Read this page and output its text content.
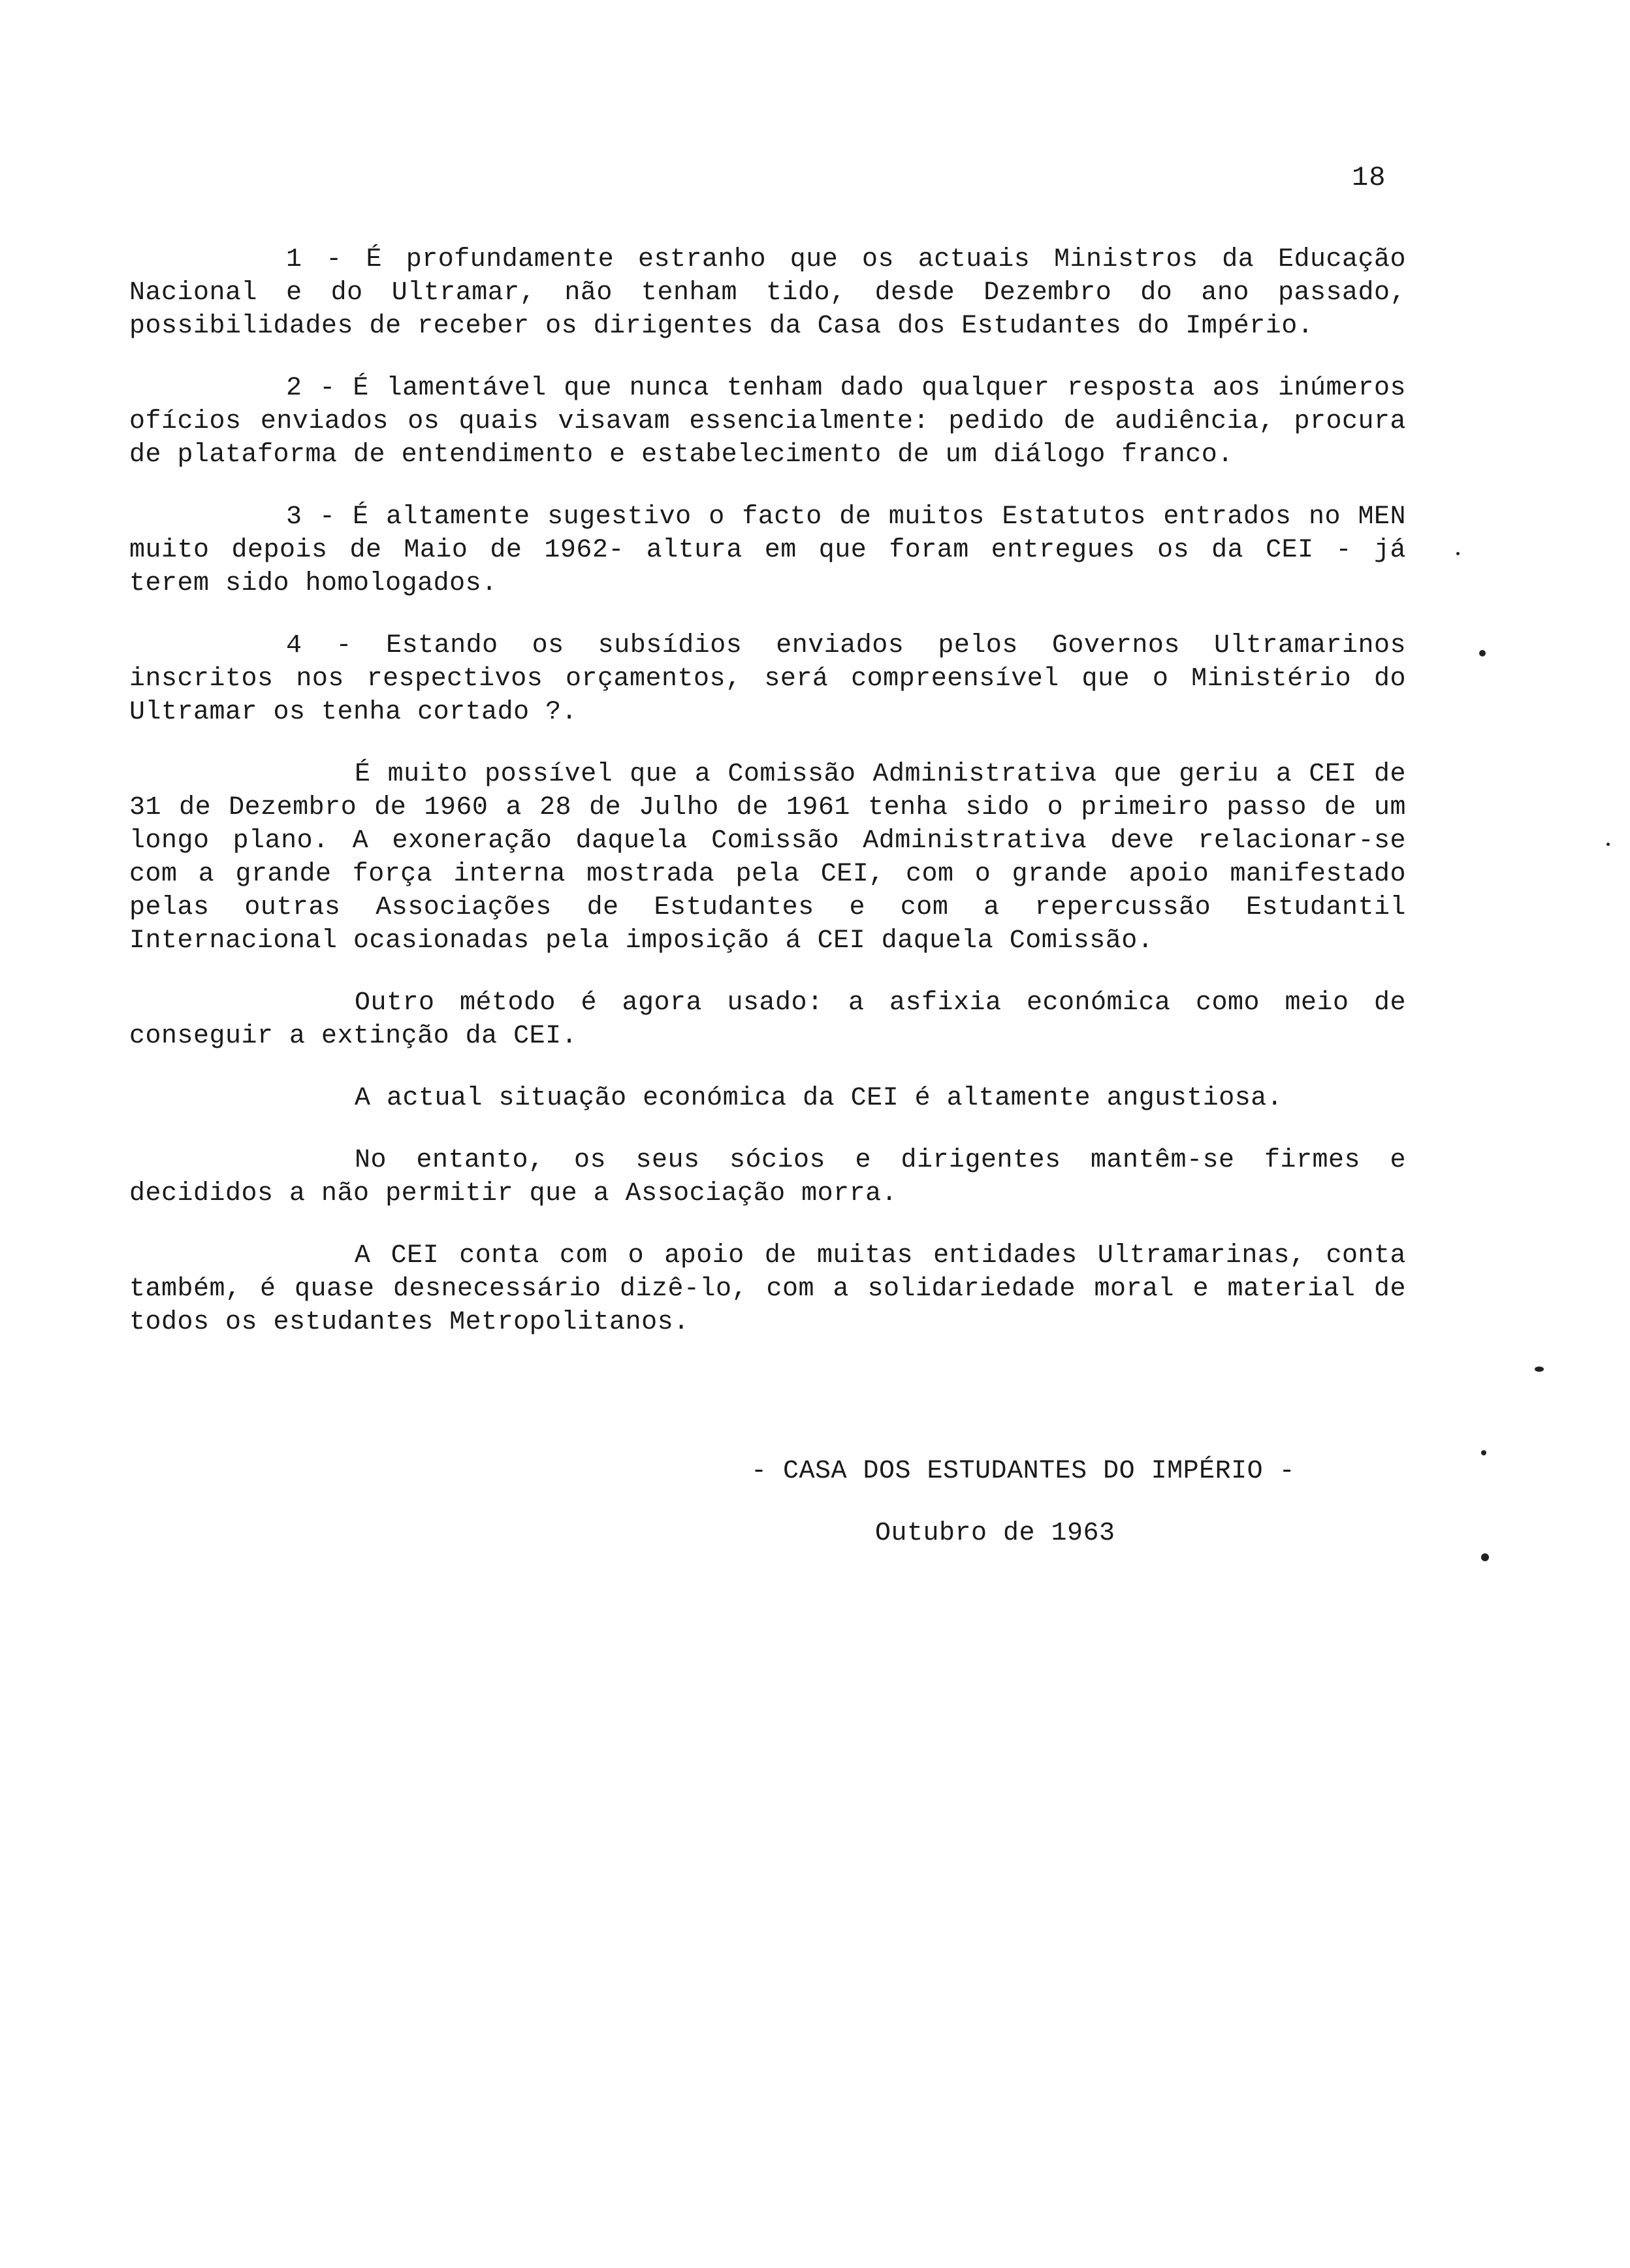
18

1 - É profundamente estranho que os actuais Ministros da Educação Nacional e do Ultramar, não tenham tido, desde Dezembro do ano passado, possibilidades de receber os dirigentes da Casa dos Estudantes do Império.

2 - É lamentável que nunca tenham dado qualquer resposta aos inúmeros ofícios enviados os quais visavam essencialmente: pedido de audiência, procura de plataforma de entendimento e estabelecimento de um diálogo franco.

3 - É altamente sugestivo o facto de muitos Estatutos entrados no MEN muito depois de Maio de 1962- altura em que foram entregues os da CEI - já terem sido homologados.

4 - Estando os subsídios enviados pelos Governos Ultramarinos inscritos nos respectivos orçamentos, será compreensível que o Ministério do Ultramar os tenha cortado ?.

É muito possível que a Comissão Administrativa que geriu a CEI de 31 de Dezembro de 1960 a 28 de Julho de 1961 tenha sido o primeiro passo de um longo plano. A exoneração daquela Comissão Administrativa deve relacionar-se com a grande força interna mostrada pela CEI, com o grande apoio manifestado pelas outras Associações de Estudantes e com a repercussão Estudantil Internacional ocasionadas pela imposição á CEI daquela Comissão.

Outro método é agora usado: a asfixia económica como meio de conseguir a extinção da CEI.

A actual situação económica da CEI é altamente angustiosa.

No entanto, os seus sócios e dirigentes mantêm-se firmes e decididos a não permitir que a Associação morra.

A CEI conta com o apoio de muitas entidades Ultramarinas, conta também, é quase desnecessário dizê-lo, com a solidariedade moral e material de todos os estudantes Metropolitanos.

- CASA DOS ESTUDANTES DO IMPÉRIO -
Outubro de 1963
